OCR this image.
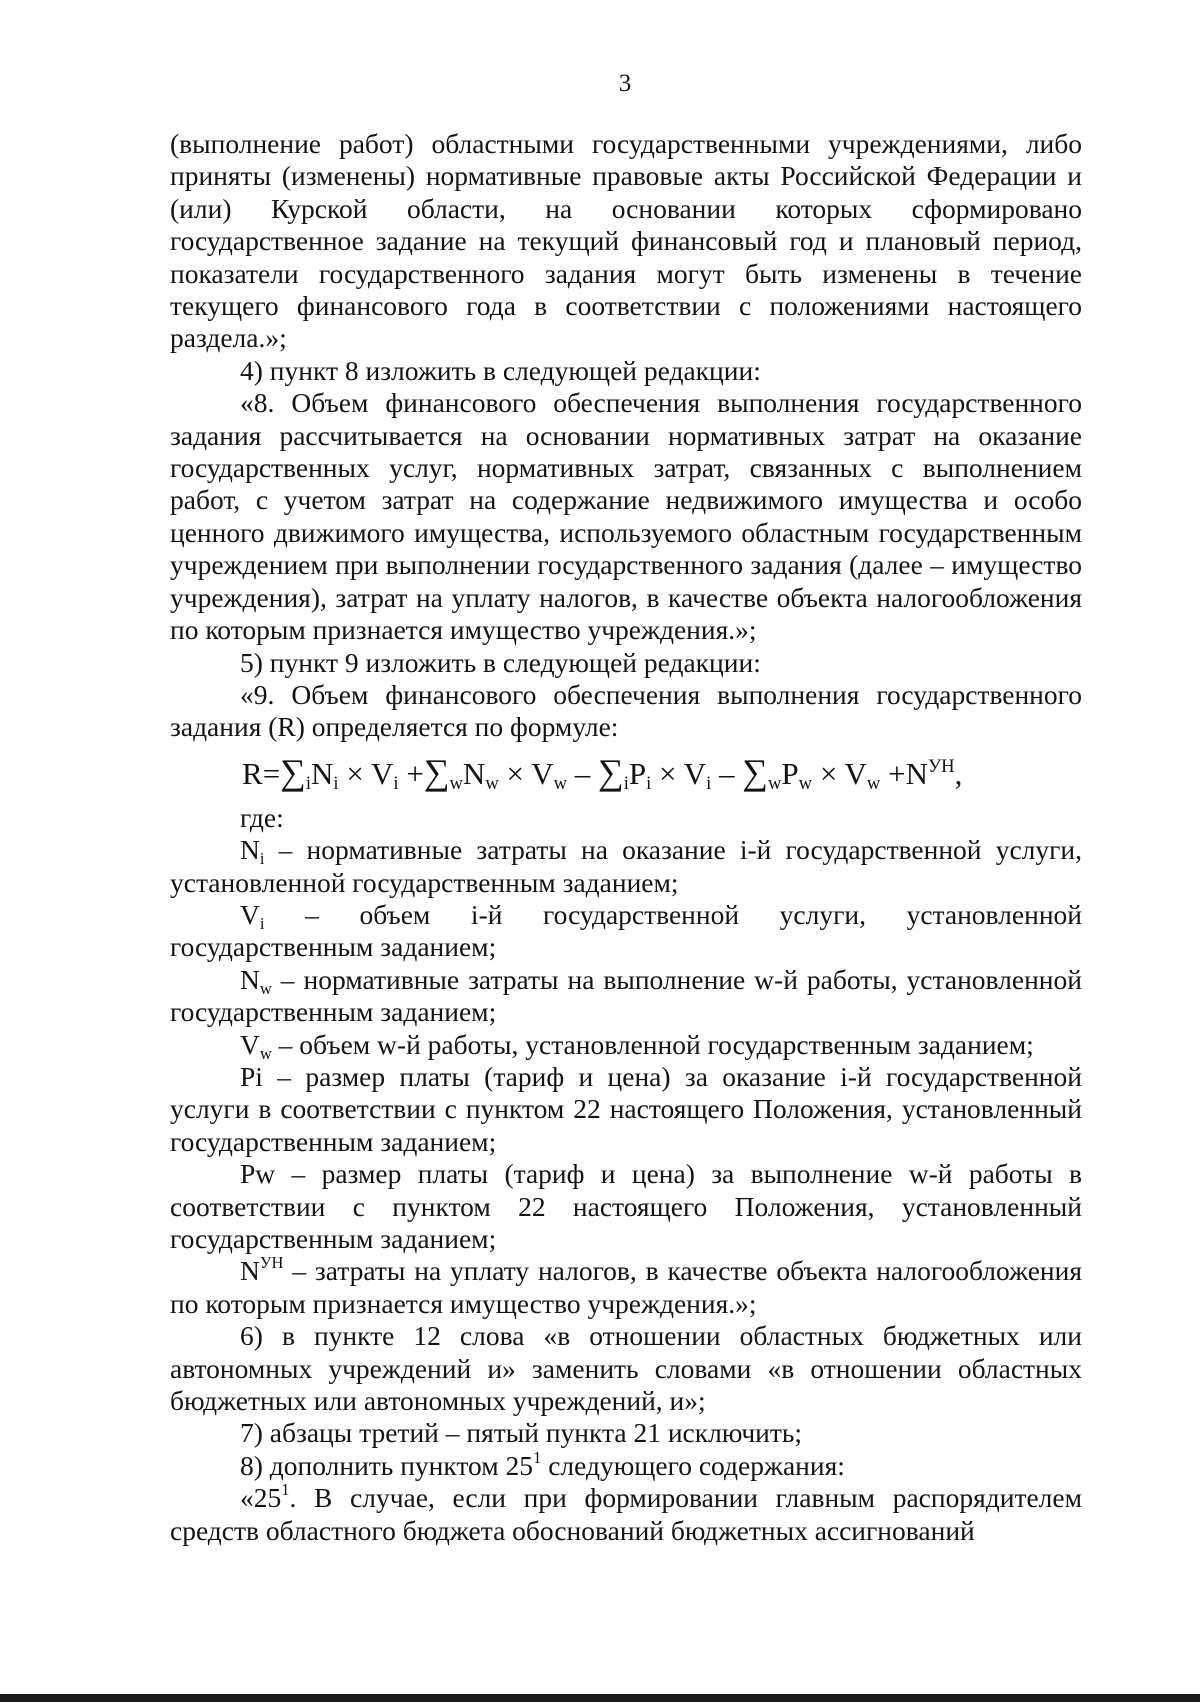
3

(выполнение работ) областными государственными учреждениями, либо приняты (изменены) нормативные правовые акты Российской Федерации и (или) Курской области, на основании которых сформировано государственное задание на текущий финансовый год и плановый период, показатели государственного задания могут быть изменены в течение текущего финансового года в соответствии с положениями настоящего раздела.»;

4) пункт 8 изложить в следующей редакции:

«8. Объем финансового обеспечения выполнения государственного задания рассчитывается на основании нормативных затрат на оказание государственных услуг, нормативных затрат, связанных с выполнением работ, с учетом затрат на содержание недвижимого имущества и особо ценного движимого имущества, используемого областным государственным учреждением при выполнении государственного задания (далее – имущество учреждения), затрат на уплату налогов, в качестве объекта налогообложения по которым признается имущество учреждения.»;

5) пункт 9 изложить в следующей редакции:

«9. Объем финансового обеспечения выполнения государственного задания (R) определяется по формуле:

$R=\sum_iN_i \times V_i +\sum_wN_w \times V_w - \sum_iP_i \times V_i - \sum_wP_w \times V_w +N^{УН}$,

где:

$N_i$ – нормативные затраты на оказание i-й государственной услуги, установленной государственным заданием;

$V_i$ – объем i-й государственной услуги, установленной государственным заданием;

$N_w$ – нормативные затраты на выполнение w-й работы, установленной государственным заданием;

$V_w$ – объем w-й работы, установленной государственным заданием;

Pi – размер платы (тариф и цена) за оказание i-й государственной услуги в соответствии с пунктом 22 настоящего Положения, установленный государственным заданием;

Pw – размер платы (тариф и цена) за выполнение w-й работы в соответствии с пунктом 22 настоящего Положения, установленный государственным заданием;

$N^{УН}$ – затраты на уплату налогов, в качестве объекта налогообложения по которым признается имущество учреждения.»;

6) в пункте 12 слова «в отношении областных бюджетных или автономных учреждений и» заменить словами «в отношении областных бюджетных или автономных учреждений, и»;

7) абзацы третий – пятый пункта 21 исключить;

8) дополнить пунктом $25^1$ следующего содержания:

«$25^1$. В случае, если при формировании главным распорядителем средств областного бюджета обоснований бюджетных ассигнований
